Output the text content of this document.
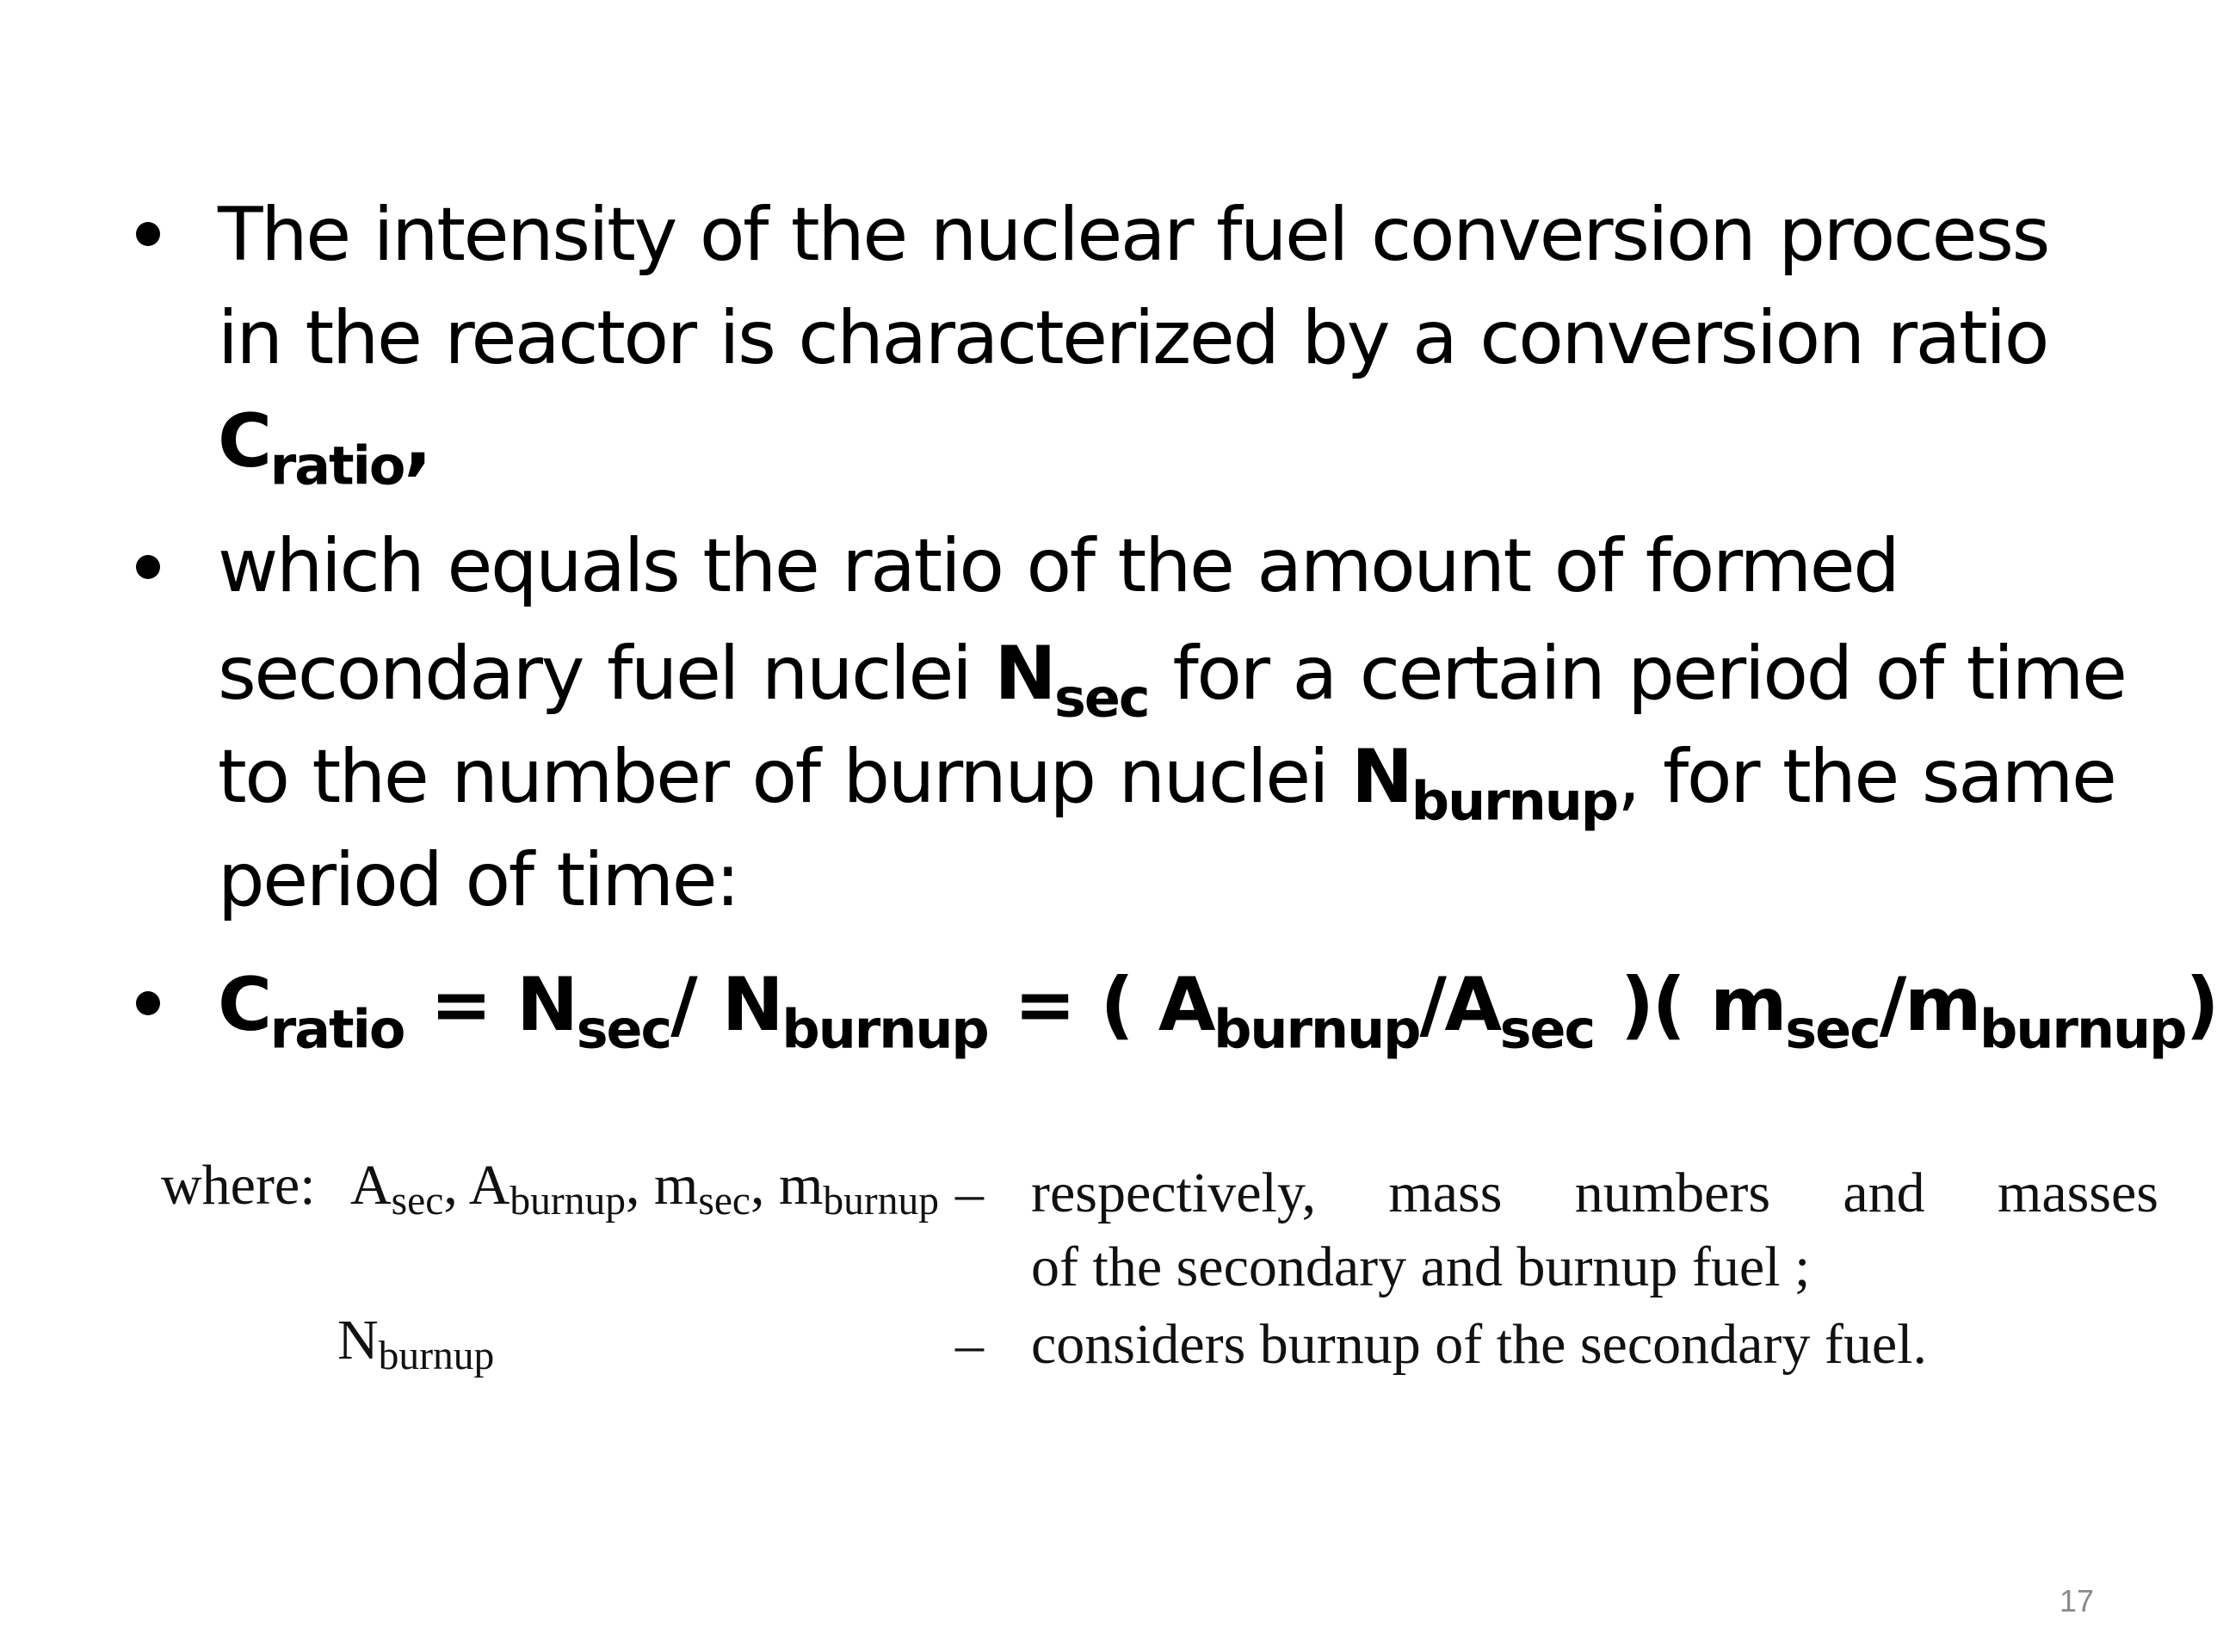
The intensity of the nuclear fuel conversion process
in the reactor is characterized by a conversion ratio
$C_{ratio}$,
which equals the ratio of the amount of formed
secondary fuel nuclei $N_{sec}$ for a certain period of time
to the number of burnup nuclei $N_{burnup}$, for the same
period of time:
$C_{ratio} = N_{sec}/$ $N_{burnup}$ = ( $A_{burnup}/A_{sec}$ )( $m_{sec}/m_{burnup}$)
where: $A_{sec}$, $A_{burnup}$, $m_{sec}$, $m_{burnup}$ – respectively, mass numbers and masses
of the secondary and burnup fuel ;
$N_{burnup}$	– considers burnup of the secondary fuel.
17
